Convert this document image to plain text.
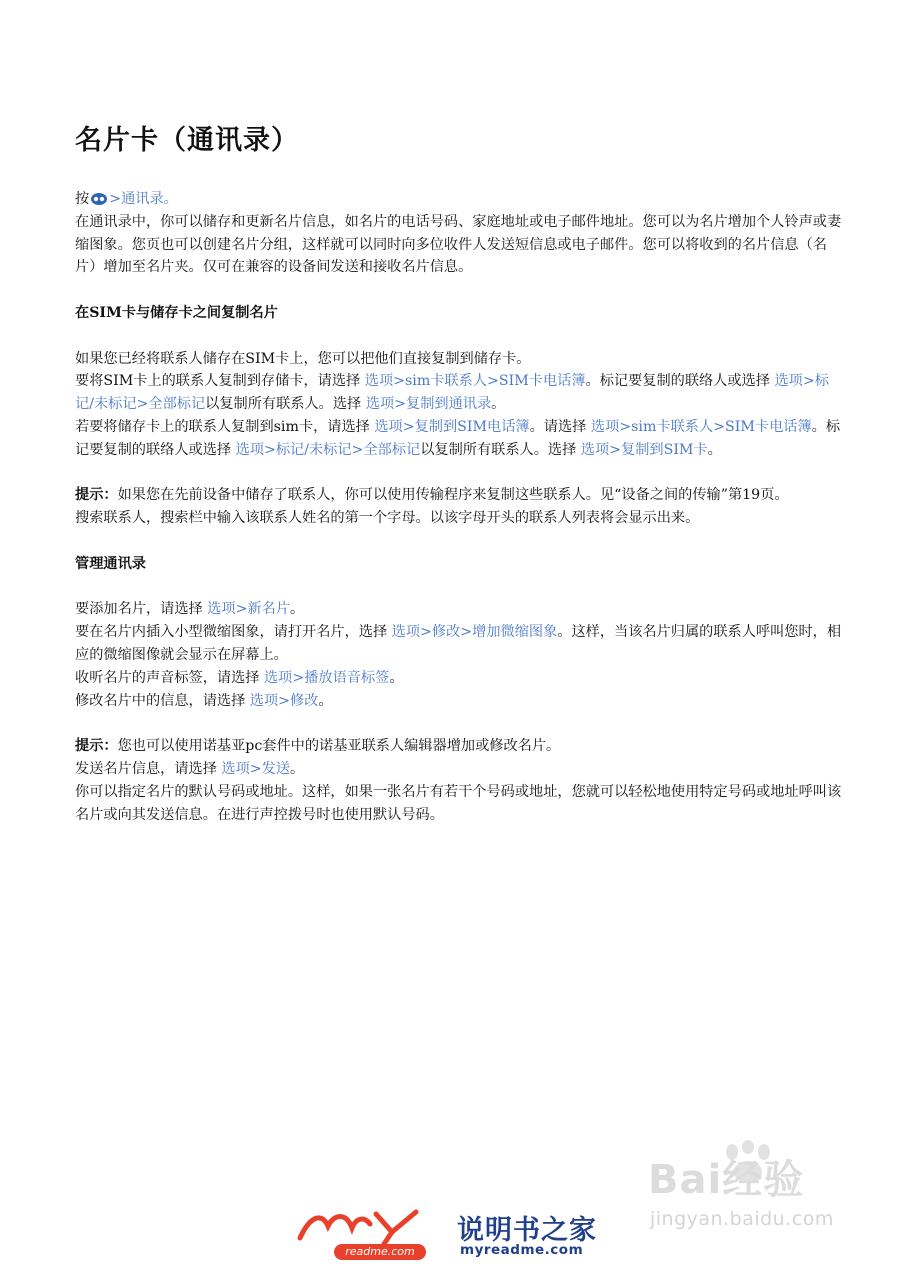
名片卡（通讯录）

按 >通讯录。

在通讯录中，你可以储存和更新名片信息，如名片的电话号码、家庭地址或电子邮件地址。您可以为名片增加个人铃声或妻缩图象。您页也可以创建名片分组，这样就可以同时向多位收件人发送短信息或电子邮件。您可以将收到的名片信息（名片）增加至名片夹。仅可在兼容的设备间发送和接收名片信息。

在SIM卡与储存卡之间复制名片

如果您已经将联系人储存在SIM卡上，您可以把他们直接复制到储存卡。

要将SIM卡上的联系人复制到存储卡，请选择 选项>sim卡联系人>SIM卡电话簿。标记要复制的联络人或选择 选项>标记/未标记>全部标记以复制所有联系人。选择 选项>复制到通讯录。

若要将储存卡上的联系人复制到sim卡，请选择 选项>复制到SIM电话簿。请选择 选项>sim卡联系人>SIM卡电话簿。标记要复制的联络人或选择 选项>标记/未标记>全部标记以复制所有联系人。选择 选项>复制到SIM卡。

提示：如果您在先前设备中储存了联系人，你可以使用传输程序来复制这些联系人。见“设备之间的传输”第19页。

搜索联系人，搜索栏中输入该联系人姓名的第一个字母。以该字母开头的联系人列表将会显示出来。

管理通讯录

要添加名片，请选择 选项>新名片。

要在名片内插入小型微缩图象，请打开名片，选择 选项>修改>增加微缩图象。这样，当该名片归属的联系人呼叫您时，相应的微缩图像就会显示在屏幕上。

收听名片的声音标签，请选择 选项>播放语音标签。

修改名片中的信息，请选择 选项>修改。

提示：您也可以使用诺基亚pc套件中的诺基亚联系人编辑器增加或修改名片。

发送名片信息，请选择 选项>发送。

你可以指定名片的默认号码或地址。这样，如果一张名片有若干个号码或地址，您就可以轻松地使用特定号码或地址呼叫该名片或向其发送信息。在进行声控拨号时也使用默认号码。

Bai经验
jingyan.baidu.com
readme.com
说明书之家
myreadme.com
